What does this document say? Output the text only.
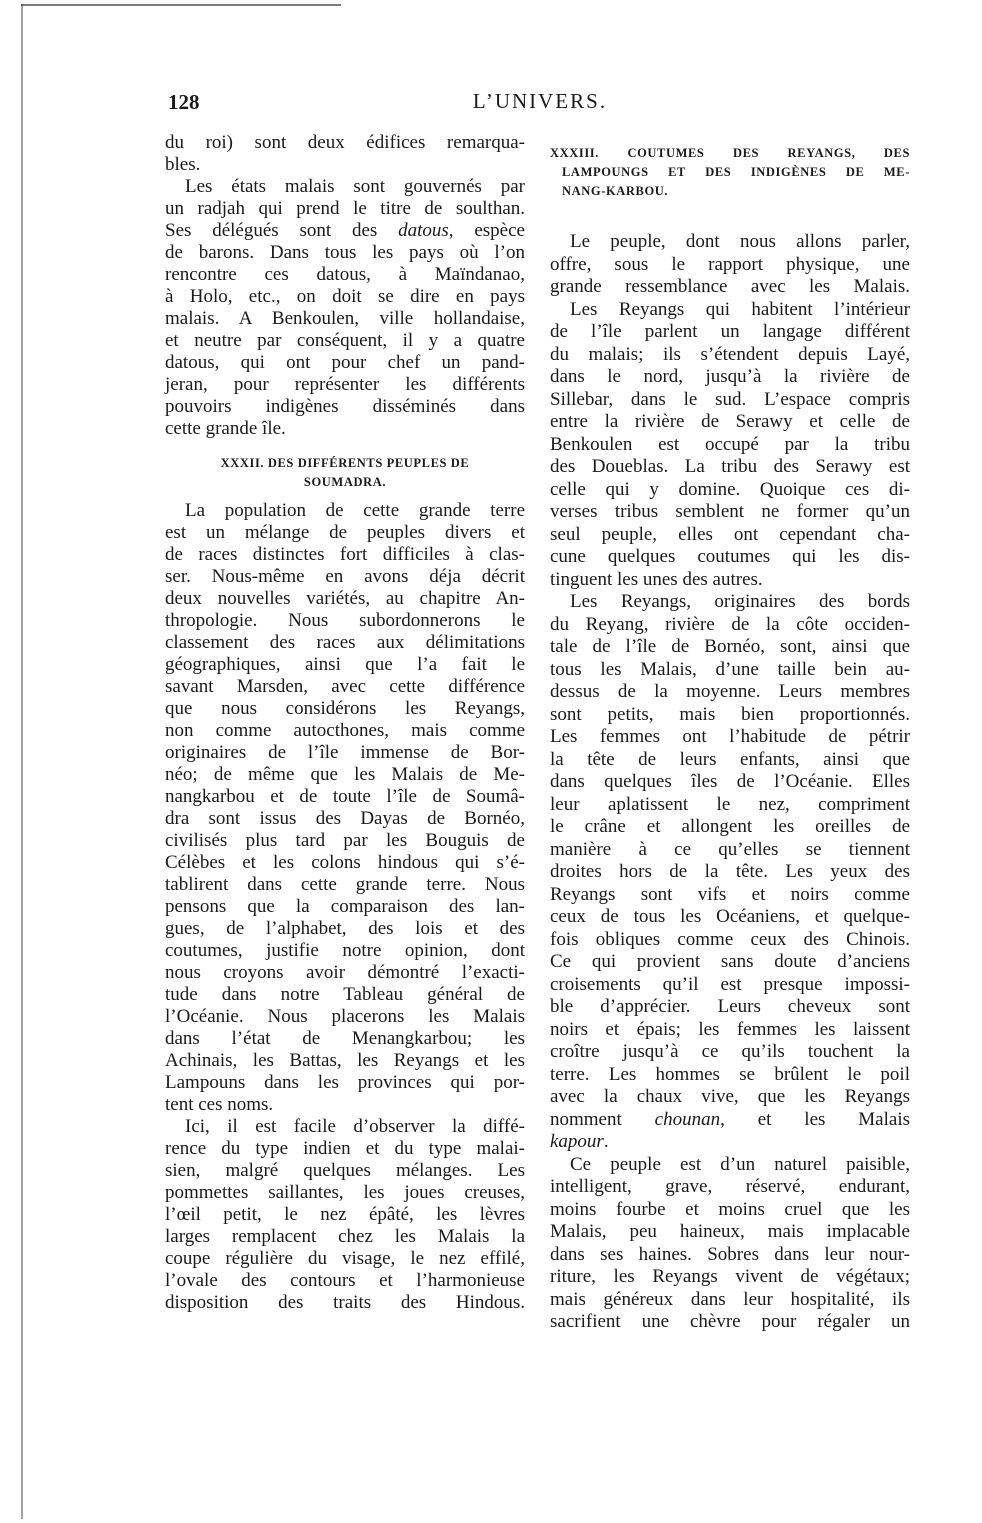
128	L’UNIVERS.
du roi) sont deux édifices remarqua-
bles.
Les états malais sont gouvernés par
un radjah qui prend le titre de soulthan.
Ses délégués sont des datous, espèce
de barons. Dans tous les pays où l’on
rencontre ces datous, à Maïndanao,
à Holo, etc., on doit se dire en pays
malais. A Benkoulen, ville hollandaise,
et neutre par conséquent, il y a quatre
datous, qui ont pour chef un pand-
jeran, pour représenter les différents
pouvoirs indigènes disséminés dans
cette grande île.
XXXII. DES DIFFÉRENTS PEUPLES DE
SOUMADRA.
La population de cette grande terre
est un mélange de peuples divers et
de races distinctes fort difficiles à clas-
ser. Nous-même en avons déja décrit
deux nouvelles variétés, au chapitre An-
thropologie. Nous subordonnerons le
classement des races aux délimitations
géographiques, ainsi que l’a fait le
savant Marsden, avec cette différence
que nous considérons les Reyangs,
non comme autocthones, mais comme
originaires de l’île immense de Bor-
néo; de même que les Malais de Me-
nangkarbou et de toute l’île de Soumâ-
dra sont issus des Dayas de Bornéo,
civilisés plus tard par les Bouguis de
Célèbes et les colons hindous qui s’é-
tablirent dans cette grande terre. Nous
pensons que la comparaison des lan-
gues, de l’alphabet, des lois et des
coutumes, justifie notre opinion, dont
nous croyons avoir démontré l’exacti-
tude dans notre Tableau général de
l’Océanie. Nous placerons les Malais
dans l’état de Menangkarbou; les
Achinais, les Battas, les Reyangs et les
Lampouns dans les provinces qui por-
tent ces noms.
Ici, il est facile d’observer la diffé-
rence du type indien et du type malai-
sien, malgré quelques mélanges. Les
pommettes saillantes, les joues creuses,
l’œil petit, le nez épâté, les lèvres
larges remplacent chez les Malais la
coupe régulière du visage, le nez effilé,
l’ovale des contours et l’harmonieuse
disposition des traits des Hindous.
XXXIII. COUTUMES DES REYANGS, DES
LAMPOUNGS ET DES INDIGÈNES DE ME-
NANG-KARBOU.
Le peuple, dont nous allons parler,
offre, sous le rapport physique, une
grande ressemblance avec les Malais.
Les Reyangs qui habitent l’intérieur
de l’île parlent un langage différent
du malais; ils s’étendent depuis Layé,
dans le nord, jusqu’à la rivière de
Sillebar, dans le sud. L’espace compris
entre la rivière de Serawy et celle de
Benkoulen est occupé par la tribu
des Doueblas. La tribu des Serawy est
celle qui y domine. Quoique ces di-
verses tribus semblent ne former qu’un
seul peuple, elles ont cependant cha-
cune quelques coutumes qui les dis-
tinguent les unes des autres.
Les Reyangs, originaires des bords
du Reyang, rivière de la côte occiden-
tale de l’île de Bornéo, sont, ainsi que
tous les Malais, d’une taille bein au-
dessus de la moyenne. Leurs membres
sont petits, mais bien proportionnés.
Les femmes ont l’habitude de pétrir
la tête de leurs enfants, ainsi que
dans quelques îles de l’Océanie. Elles
leur aplatissent le nez, compriment
le crâne et allongent les oreilles de
manière à ce qu’elles se tiennent
droites hors de la tête. Les yeux des
Reyangs sont vifs et noirs comme
ceux de tous les Océaniens, et quelque-
fois obliques comme ceux des Chinois.
Ce qui provient sans doute d’anciens
croisements qu’il est presque impossi-
ble d’apprécier. Leurs cheveux sont
noirs et épais; les femmes les laissent
croître jusqu’à ce qu’ils touchent la
terre. Les hommes se brûlent le poil
avec la chaux vive, que les Reyangs
nomment chounan, et les Malais
kapour.
Ce peuple est d’un naturel paisible,
intelligent, grave, réservé, endurant,
moins fourbe et moins cruel que les
Malais, peu haineux, mais implacable
dans ses haines. Sobres dans leur nour-
riture, les Reyangs vivent de végétaux;
mais généreux dans leur hospitalité, ils
sacrifient une chèvre pour régaler un
